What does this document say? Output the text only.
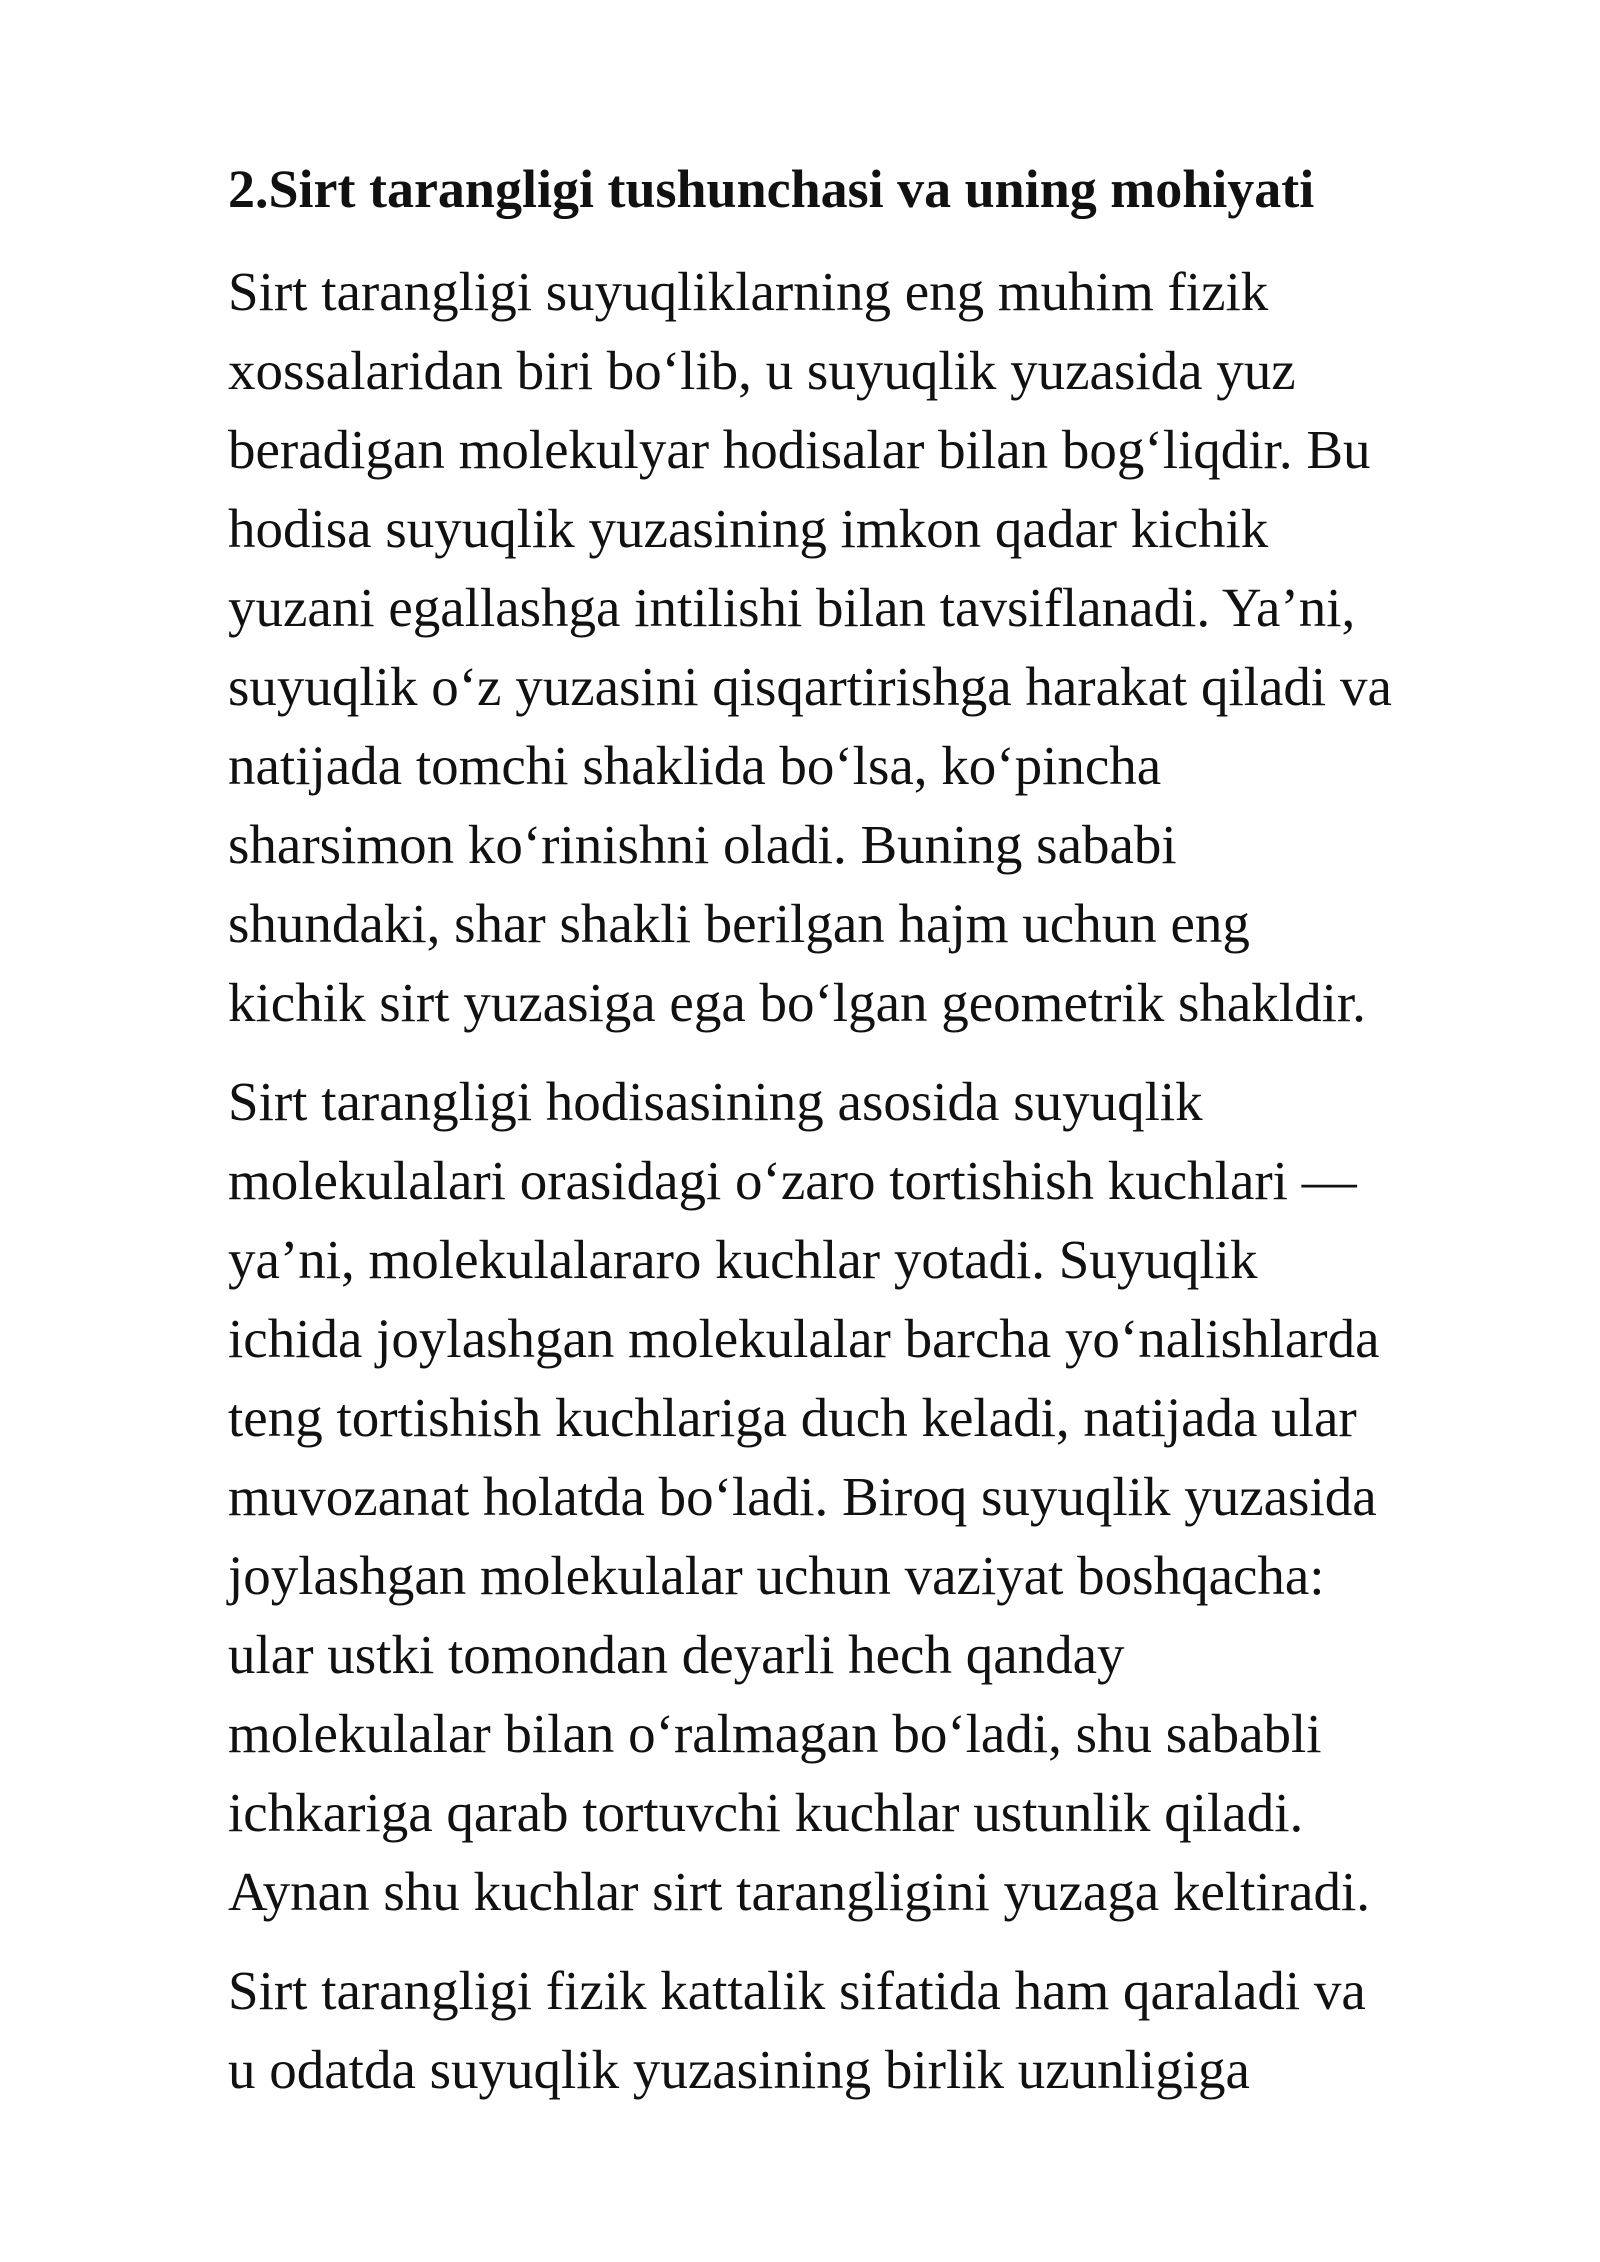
2.Sirt tarangligi tushunchasi va uning mohiyati
Sirt tarangligi suyuqliklarning eng muhim fizik
xossalaridan biri bo‘lib, u suyuqlik yuzasida yuz
beradigan molekulyar hodisalar bilan bog‘liqdir. Bu
hodisa suyuqlik yuzasining imkon qadar kichik
yuzani egallashga intilishi bilan tavsiflanadi. Ya’ni,
suyuqlik o‘z yuzasini qisqartirishga harakat qiladi va
natijada tomchi shaklida bo‘lsa, ko‘pincha
sharsimon ko‘rinishni oladi. Buning sababi
shundaki, shar shakli berilgan hajm uchun eng
kichik sirt yuzasiga ega bo‘lgan geometrik shakldir.
Sirt tarangligi hodisasining asosida suyuqlik
molekulalari orasidagi o‘zaro tortishish kuchlari —
ya’ni, molekulalararo kuchlar yotadi. Suyuqlik
ichida joylashgan molekulalar barcha yo‘nalishlarda
teng tortishish kuchlariga duch keladi, natijada ular
muvozanat holatda bo‘ladi. Biroq suyuqlik yuzasida
joylashgan molekulalar uchun vaziyat boshqacha:
ular ustki tomondan deyarli hech qanday
molekulalar bilan o‘ralmagan bo‘ladi, shu sababli
ichkariga qarab tortuvchi kuchlar ustunlik qiladi.
Aynan shu kuchlar sirt tarangligini yuzaga keltiradi.
Sirt tarangligi fizik kattalik sifatida ham qaraladi va
u odatda suyuqlik yuzasining birlik uzunligiga
